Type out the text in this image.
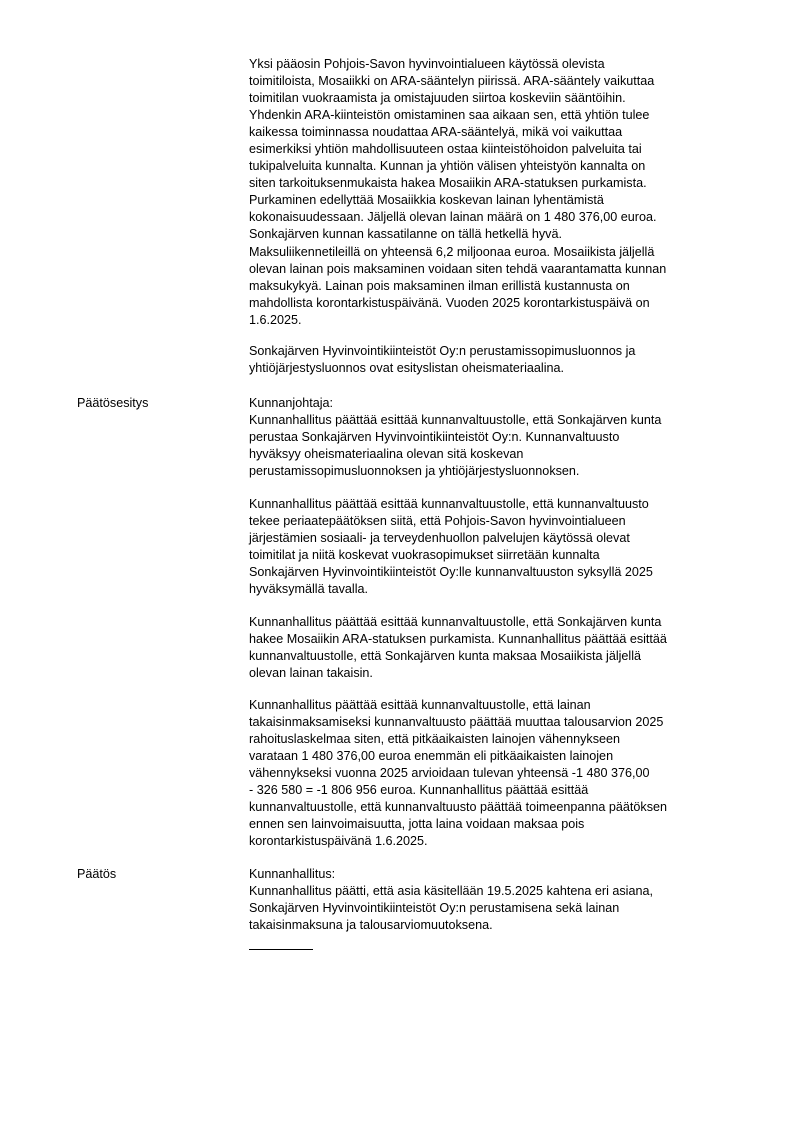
Yksi pääosin Pohjois-Savon hyvinvointialueen käytössä olevista
toimitiloista, Mosaiikki on ARA-sääntelyn piirissä. ARA-sääntely vaikuttaa
toimitilan vuokraamista ja omistajuuden siirtoa koskeviin sääntöihin.
Yhdenkin ARA-kiinteistön omistaminen saa aikaan sen, että yhtiön tulee
kaikessa toiminnassa noudattaa ARA-sääntelyä, mikä voi vaikuttaa
esimerkiksi yhtiön mahdollisuuteen ostaa kiinteistöhoidon palveluita tai
tukipalveluita kunnalta. Kunnan ja yhtiön välisen yhteistyön kannalta on
siten tarkoituksenmukaista hakea Mosaiikin ARA-statuksen purkamista.
Purkaminen edellyttää Mosaiikkia koskevan lainan lyhentämistä
kokonaisuudessaan. Jäljellä olevan lainan määrä on 1 480 376,00 euroa.
Sonkajärven kunnan kassatilanne on tällä hetkellä hyvä.
Maksuliikennetileillä on yhteensä 6,2 miljoonaa euroa. Mosaiikista jäljellä
olevan lainan pois maksaminen voidaan siten tehdä vaarantamatta kunnan
maksukykyä. Lainan pois maksaminen ilman erillistä kustannusta on
mahdollista korontarkistuspäivänä. Vuoden 2025 korontarkistuspäivä on
1.6.2025.
Sonkajärven Hyvinvointikiinteistöt Oy:n perustamissopimusluonnos ja
yhtiöjärjestysluonnos ovat esityslistan oheismateriaalina.
Päätösesitys	Kunnanjohtaja:
Kunnanhallitus päättää esittää kunnanvaltuustolle, että Sonkajärven kunta
perustaa Sonkajärven Hyvinvointikiinteistöt Oy:n. Kunnanvaltuusto
hyväksyy oheismateriaalina olevan sitä koskevan
perustamissopimusluonnoksen ja yhtiöjärjestysluonnoksen.
Kunnanhallitus päättää esittää kunnanvaltuustolle, että kunnanvaltuusto
tekee periaatepäätöksen siitä, että Pohjois-Savon hyvinvointialueen
järjestämien sosiaali- ja terveydenhuollon palvelujen käytössä olevat
toimitilat ja niitä koskevat vuokrasopimukset siirretään kunnalta
Sonkajärven Hyvinvointikiinteistöt Oy:lle kunnanvaltuuston syksyllä 2025
hyväksymällä tavalla.
Kunnanhallitus päättää esittää kunnanvaltuustolle, että Sonkajärven kunta
hakee Mosaiikin ARA-statuksen purkamista. Kunnanhallitus päättää esittää
kunnanvaltuustolle, että Sonkajärven kunta maksaa Mosaiikista jäljellä
olevan lainan takaisin.
Kunnanhallitus päättää esittää kunnanvaltuustolle, että lainan
takaisinmaksamiseksi kunnanvaltuusto päättää muuttaa talousarvion 2025
rahoituslaskelmaa siten, että pitkäaikaisten lainojen vähennykseen
varataan 1 480 376,00 euroa enemmän eli pitkäaikaisten lainojen
vähennykseksi vuonna 2025 arvioidaan tulevan yhteensä -1 480 376,00
- 326 580 = -1 806 956 euroa. Kunnanhallitus päättää esittää
kunnanvaltuustolle, että kunnanvaltuusto päättää toimeenpanna päätöksen
ennen sen lainvoimaisuutta, jotta laina voidaan maksaa pois
korontarkistuspäivänä 1.6.2025.
Päätös	Kunnanhallitus:
Kunnanhallitus päätti, että asia käsitellään 19.5.2025 kahtena eri asiana,
Sonkajärven Hyvinvointikiinteistöt Oy:n perustamisena sekä lainan
takaisinmaksuna ja talousarviomuutoksena.
